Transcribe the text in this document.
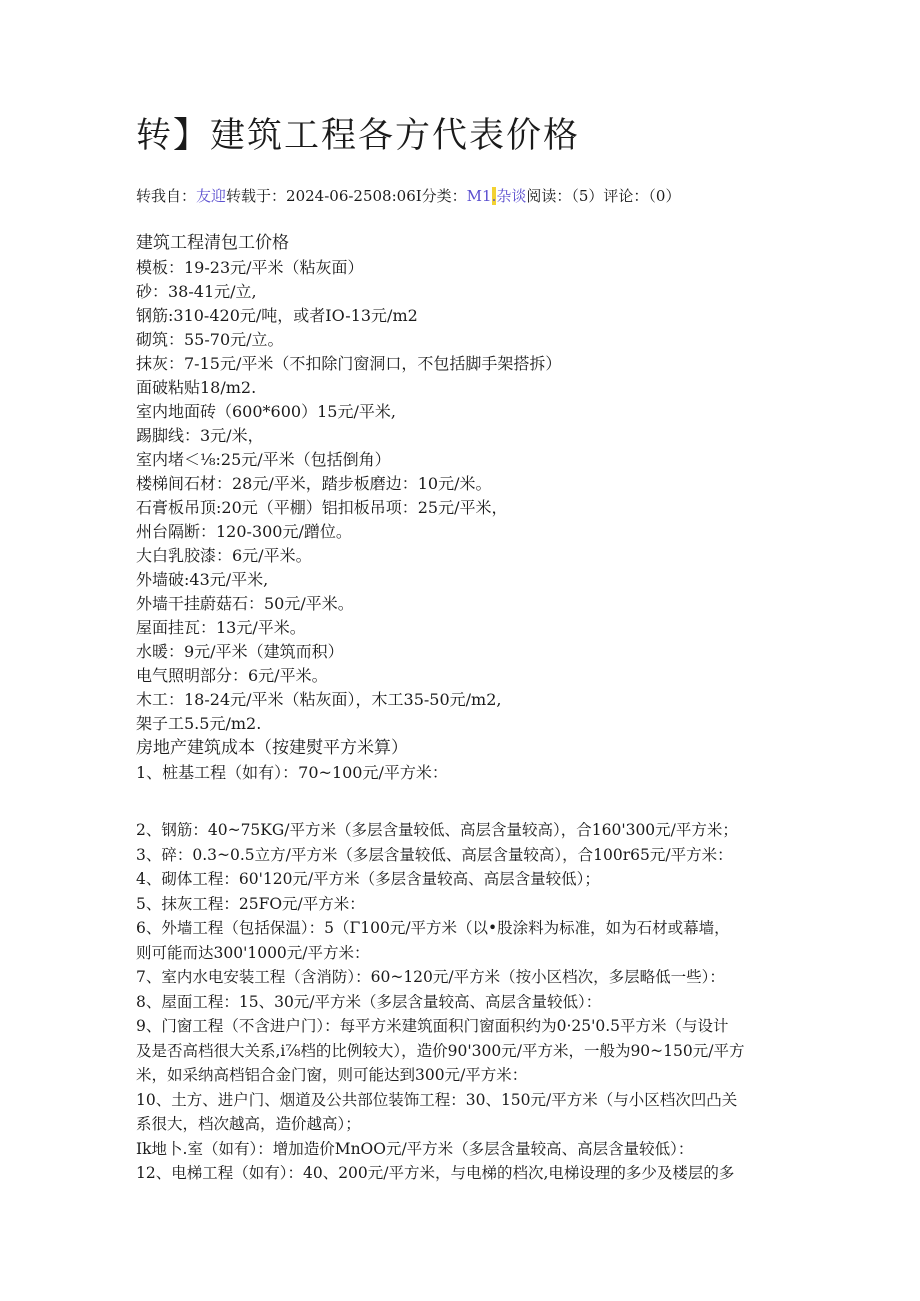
转】建筑工程各方代表价格
转我自：友迎转载于：2024-06-2508:06Ⅰ分类：M1.杂谈阅读：（5）评论：（0）

建筑工程清包工价格

模板：19-23元/平米（粘灰面）

砂：38-41元/立,

钢筋:310-420元/吨，或者IO-13元/m2

砌筑：55-70元/立。

抹灰：7-15元/平米（不扣除门窗洞口，不包括脚手架搭拆）

面破粘贴18/m2.

室内地面砖（600*600）15元/平米,

踢脚线：3元/米，

室内堵＜⅛:25元/平米（包括倒角）

楼梯间石材：28元/平米，踏步板磨边：10元/米。

石膏板吊顶:20元（平棚）铝扣板吊项：25元/平米，

州台隔断：120-300元/蹭位。

大白乳胶漆：6元/平米。

外墙破:43元/平米,

外墙干挂蔚菇石：50元/平米。

屋面挂瓦：13元/平米。

水暖：9元/平米（建筑而积）

电气照明部分：6元/平米。

木工：18-24元/平米（粘灰面），木工35-50元/m2,

架子工5.5元/m2.

房地产建筑成本（按建熨平方米算）

1、桩基工程（如有）：70~100元/平方米：

2、钢筋：40~75KG/平方米（多层含量较低、高层含量较高），合160'300元/平方米；

3、碎：0.3~0.5立方/平方米（多层含量较低、高层含量较高），合100r65元/平方米：

4、砌体工程：60'120元/平方米（多层含量较高、高层含量较低）；

5、抹灰工程：25FO元/平方米：

6、外墙工程（包括保温）：5（Γ100元/平方米（以•股涂料为标准，如为石材或幕墙，

则可能而达300'1000元/平方米：

7、室内水电安装工程（含消防）：60~120元/平方米（按小区档次，多层略低一些）：

8、屋面工程：15、30元/平方米（多层含量较高、高层含量较低）：

9、门窗工程（不含进户门）：每平方米建筑面积门窗面积约为0·25'0.5平方米（与设计

及是否高档很大关系,i⅞档的比例较大），造价90'300元/平方米，一般为90~150元/平方

米，如采纳高档铝合金门窗，则可能达到300元/平方米：

10、土方、进户门、烟道及公共部位装饰工程：30、150元/平方米（与小区档次凹凸关

系很大，档次越高，造价越高）；

Ik地卜.室（如有）：增加造价MnOO元/平方米（多层含量较高、高层含量较低）：

12、电梯工程（如有）：40、200元/平方米，与电梯的档次,电梯设理的多少及楼层的多
